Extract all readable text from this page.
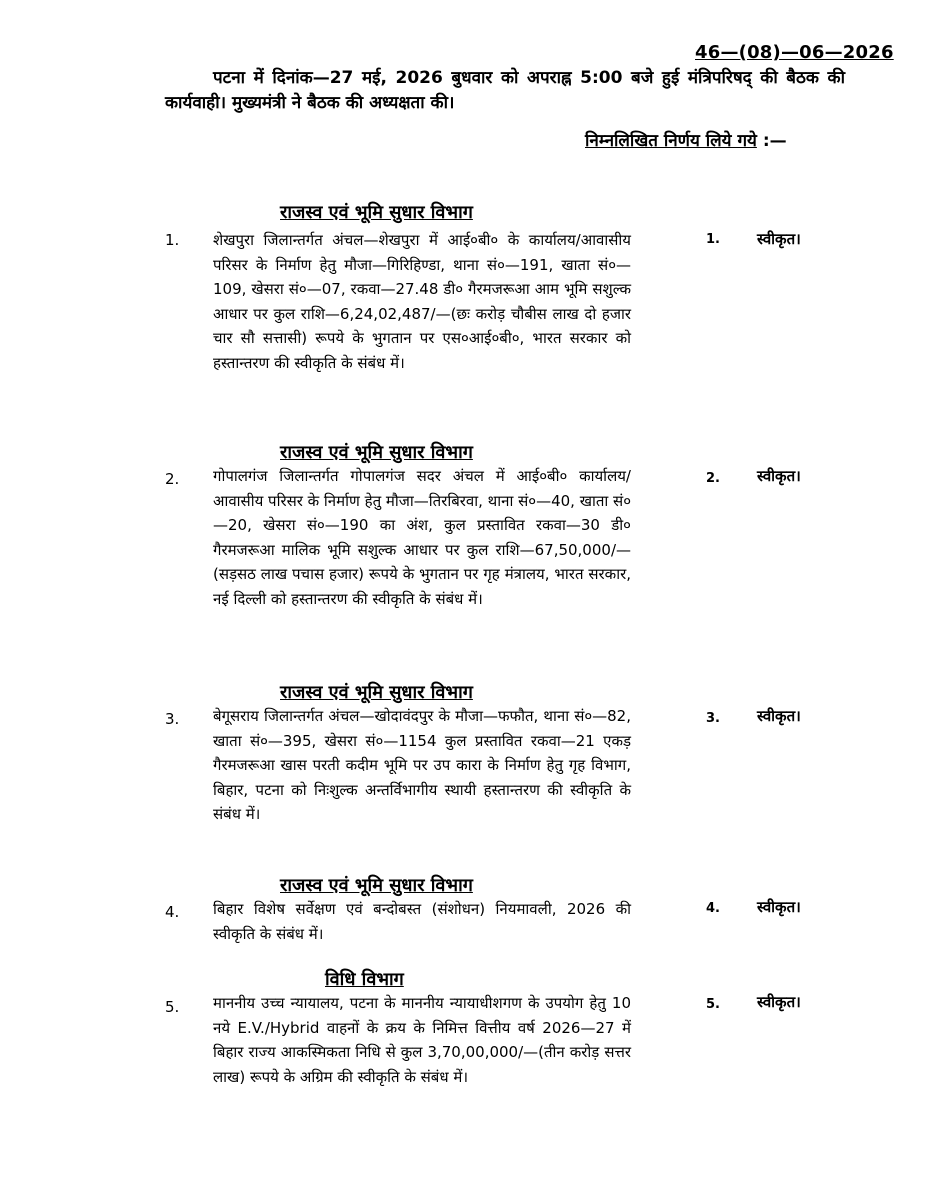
46—(08)—06—2026

पटना में दिनांक—27 मई, 2026 बुधवार को अपराह्न 5:00 बजे हुई मंत्रिपरिषद् की बैठक की कार्यवाही। मुख्यमंत्री ने बैठक की अध्यक्षता की।

निम्नलिखित निर्णय लिये गये :—
राजस्व एवं भूमि सुधार विभाग
1. शेखपुरा जिलान्तर्गत अंचल—शेखपुरा में आई०बी० के कार्यालय/आवासीय परिसर के निर्माण हेतु मौजा—गिरिहिण्डा, थाना सं०—191, खाता सं०—109, खेसरा सं०—07, रकवा—27.48 डी० गैरमजरूआ आम भूमि सशुल्क आधार पर कुल राशि—6,24,02,487/—(छः करोड़ चौबीस लाख दो हजार चार सौ सत्तासी) रूपये के भुगतान पर एस०आई०बी०, भारत सरकार को हस्तान्तरण की स्वीकृति के संबंध में।
1. स्वीकृत।
राजस्व एवं भूमि सुधार विभाग
2. गोपालगंज जिलान्तर्गत गोपालगंज सदर अंचल में आई०बी० कार्यालय/आवासीय परिसर के निर्माण हेतु मौजा—तिरबिरवा, थाना सं०—40, खाता सं०—20, खेसरा सं०—190 का अंश, कुल प्रस्तावित रकवा—30 डी० गैरमजरूआ मालिक भूमि सशुल्क आधार पर कुल राशि—67,50,000/—(सड़सठ लाख पचास हजार) रूपये के भुगतान पर गृह मंत्रालय, भारत सरकार, नई दिल्ली को हस्तान्तरण की स्वीकृति के संबंध में।
2. स्वीकृत।
राजस्व एवं भूमि सुधार विभाग
3. बेगूसराय जिलान्तर्गत अंचल—खोदावंदपुर के मौजा—फफौत, थाना सं०—82, खाता सं०—395, खेसरा सं०—1154 कुल प्रस्तावित रकवा—21 एकड़ गैरमजरूआ खास परती कदीम भूमि पर उप कारा के निर्माण हेतु गृह विभाग, बिहार, पटना को निःशुल्क अन्तर्विभागीय स्थायी हस्तान्तरण की स्वीकृति के संबंध में।
3. स्वीकृत।
राजस्व एवं भूमि सुधार विभाग
4. बिहार विशेष सर्वेक्षण एवं बन्दोबस्त (संशोधन) नियमावली, 2026 की स्वीकृति के संबंध में।
4. स्वीकृत।
विधि विभाग
5. माननीय उच्च न्यायालय, पटना के माननीय न्यायाधीशगण के उपयोग हेतु 10 नये E.V./Hybrid वाहनों के क्रय के निमित्त वित्तीय वर्ष 2026—27 में बिहार राज्य आकस्मिकता निधि से कुल 3,70,00,000/—(तीन करोड़ सत्तर लाख) रूपये के अग्रिम की स्वीकृति के संबंध में।
5. स्वीकृत।
